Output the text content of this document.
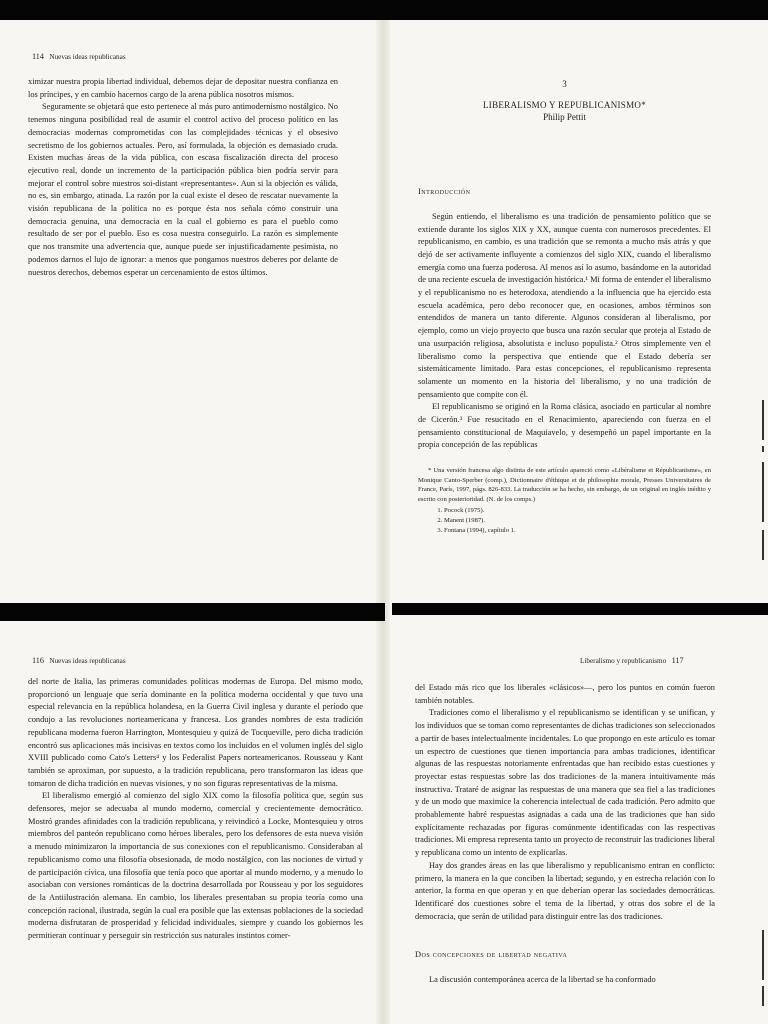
114 Nuevas ideas republicanas

ximizar nuestra propia libertad individual, debemos dejar de depositar nuestra confianza en los príncipes, y en cambio hacernos cargo de la arena pública nosotros mismos.

Seguramente se objetará que esto pertenece al más puro antimodernismo nostálgico. No tenemos ninguna posibilidad real de asumir el control activo del proceso político en las democracias modernas comprometidas con las complejidades técnicas y el obsesivo secretismo de los gobiernos actuales. Pero, así formulada, la objeción es demasiado cruda. Existen muchas áreas de la vida pública, con escasa fiscalización directa del proceso ejecutivo real, donde un incremento de la participación pública bien podría servir para mejorar el control sobre nuestros soi-distant «representantes». Aun si la objeción es válida, no es, sin embargo, atinada. La razón por la cual existe el deseo de rescatar nuevamente la visión republicana de la política no es porque ésta nos señala cómo construir una democracia genuina, una democracia en la cual el gobierno es para el pueblo como resultado de ser por el pueblo. Eso es cosa nuestra conseguirlo. La razón es simplemente que nos transmite una advertencia que, aunque puede ser injustificadamente pesimista, no podemos darnos el lujo de ignorar: a menos que pongamos nuestros deberes por delante de nuestros derechos, debemos esperar un cercenamiento de estos últimos.

3
LIBERALISMO Y REPUBLICANISMO*
Philip Pettit
Introducción

Según entiendo, el liberalismo es una tradición de pensamiento político que se extiende durante los siglos XIX y XX, aunque cuenta con numerosos precedentes. El republicanismo, en cambio, es una tradición que se remonta a mucho más atrás y que dejó de ser activamente influyente a comienzos del siglo XIX, cuando el liberalismo emergía como una fuerza poderosa. Al menos así lo asumo, basándome en la autoridad de una reciente escuela de investigación histórica.¹ Mi forma de entender el liberalismo y el republicanismo no es heterodoxa, atendiendo a la influencia que ha ejercido esta escuela académica, pero debo reconocer que, en ocasiones, ambos términos son entendidos de manera un tanto diferente. Algunos consideran al liberalismo, por ejemplo, como un viejo proyecto que busca una razón secular que proteja al Estado de una usurpación religiosa, absolutista e incluso populista.² Otros simplemente ven el liberalismo como la perspectiva que entiende que el Estado debería ser sistemáticamente limitado. Para estas concepciones, el republicanismo representa solamente un momento en la historia del liberalismo, y no una tradición de pensamiento que compite con él.

El republicanismo se originó en la Roma clásica, asociado en particular al nombre de Cicerón.³ Fue resucitado en el Renacimiento, apareciendo con fuerza en el pensamiento constitucional de Maquiavelo, y desempeñó un papel importante en la propia concepción de las repúblicas

* Una versión francesa algo distinta de este artículo apareció como «Libéralisme et Républicanisme», en Monique Canto-Sperber (comp.), Dictionnaire d'éthique et de philosophie morale, Presses Universitaires de France, París, 1997, págs. 826-833. La traducción se ha hecho, sin embargo, de un original en inglés inédito y escrito con posterioridad. (N. de los comps.)

1. Pocock (1975).
2. Manent (1987).
3. Fontana (1994), capítulo 1.
116 Nuevas ideas republicanas

del norte de Italia, las primeras comunidades políticas modernas de Europa. Del mismo modo, proporcionó un lenguaje que sería dominante en la política moderna occidental y que tuvo una especial relevancia en la república holandesa, en la Guerra Civil inglesa y durante el período que condujo a las revoluciones norteamericana y francesa. Los grandes nombres de esta tradición republicana moderna fueron Harrington, Montesquieu y quizá de Tocqueville, pero dicha tradición encontró sus aplicaciones más incisivas en textos como los incluidos en el volumen inglés del siglo XVIII publicado como Cato's Letters⁴ y los Federalist Papers norteamericanos. Rousseau y Kant también se aproximan, por supuesto, a la tradición republicana, pero transformaron las ideas que tomaron de dicha tradición en nuevas visiones, y no son figuras representativas de la misma.

El liberalismo emergió al comienzo del siglo XIX como la filosofía política que, según sus defensores, mejor se adecuaba al mundo moderno, comercial y crecientemente democrático. Mostró grandes afinidades con la tradición republicana, y reivindicó a Locke, Montesquieu y otros miembros del panteón republicano como héroes liberales, pero los defensores de esta nueva visión a menudo minimizaron la importancia de sus conexiones con el republicanismo. Consideraban al republicanismo como una filosofía obsesionada, de modo nostálgico, con las nociones de virtud y de participación cívica, una filosofía que tenía poco que aportar al mundo moderno, y a menudo lo asociaban con versiones románticas de la doctrina desarrollada por Rousseau y por los seguidores de la Antiilustración alemana. En cambio, los liberales presentaban su propia teoría como una concepción racional, ilustrada, según la cual era posible que las extensas poblaciones de la sociedad moderna disfrutaran de prosperidad y felicidad individuales, siempre y cuando los gobiernos les permitieran continuar y perseguir sin restricción sus naturales instintos comer-

Liberalismo y republicanismo 117

del Estado más rico que los liberales «clásicos»—, pero los puntos en común fueron también notables.

Tradiciones como el liberalismo y el republicanismo se identifican y se unifican, y los individuos que se toman como representantes de dichas tradiciones son seleccionados a partir de bases intelectualmente incidentales. Lo que propongo en este artículo es tomar un espectro de cuestiones que tienen importancia para ambas tradiciones, identificar algunas de las respuestas notoriamente enfrentadas que han recibido estas cuestiones y proyectar estas respuestas sobre las dos tradiciones de la manera intuitivamente más instructiva. Trataré de asignar las respuestas de una manera que sea fiel a las tradiciones y de un modo que maximice la coherencia intelectual de cada tradición. Pero admito que probablemente habré respuestas asignadas a cada una de las tradiciones que han sido explícitamente rechazadas por figuras comúnmente identificadas con las respectivas tradiciones. Mi empresa representa tanto un proyecto de reconstruir las tradiciones liberal y republicana como un intento de explicarlas.

Hay dos grandes áreas en las que liberalismo y republicanismo entran en conflicto: primero, la manera en la que conciben la libertad; segundo, y en estrecha relación con lo anterior, la forma en que operan y en que deberían operar las sociedades democráticas. Identificaré dos cuestiones sobre el tema de la libertad, y otras dos sobre el de la democracia, que serán de utilidad para distinguir entre las dos tradiciones.

Dos concepciones de libertad negativa

La discusión contemporánea acerca de la libertad se ha conformado
